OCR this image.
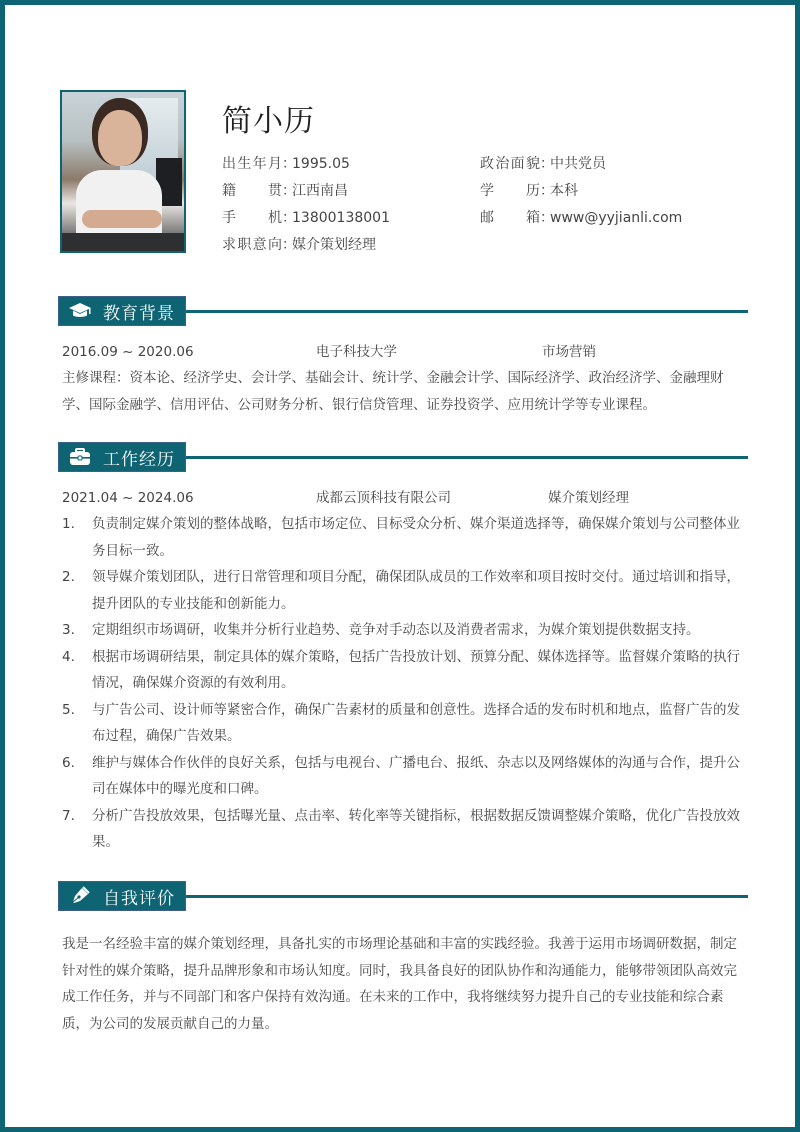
简小历
出生年月 ：
1995.05
籍贯 ：
江西南昌
手机 ：
13800138001
求职意向 ：
媒介策划经理
政治面貌 ：
中共党员
学历 ：
本科
邮箱 ：
www@yyjianli.com
教育背景
2016.09 ~ 2020.06	电子科技大学	市场营销
主修课程：资本论、经济学史、会计学、基础会计、统计学、金融会计学、国际经济学、政治经济学、金融理财学、国际金融学、信用评估、公司财务分析、银行信贷管理、证券投资学、应用统计学等专业课程。
工作经历
2021.04 ~ 2024.06	成都云顶科技有限公司	媒介策划经理
1.	负责制定媒介策划的整体战略，包括市场定位、目标受众分析、媒介渠道选择等，确保媒介策划与公司整体业务目标一致。
2.	领导媒介策划团队，进行日常管理和项目分配，确保团队成员的工作效率和项目按时交付。通过培训和指导，提升团队的专业技能和创新能力。
3.	定期组织市场调研，收集并分析行业趋势、竞争对手动态以及消费者需求，为媒介策划提供数据支持。
4.	根据市场调研结果，制定具体的媒介策略，包括广告投放计划、预算分配、媒体选择等。监督媒介策略的执行情况，确保媒介资源的有效利用。
5.	与广告公司、设计师等紧密合作，确保广告素材的质量和创意性。选择合适的发布时机和地点，监督广告的发布过程，确保广告效果。
6.	维护与媒体合作伙伴的良好关系，包括与电视台、广播电台、报纸、杂志以及网络媒体的沟通与合作，提升公司在媒体中的曝光度和口碑。
7.	分析广告投放效果，包括曝光量、点击率、转化率等关键指标，根据数据反馈调整媒介策略，优化广告投放效果。
自我评价
我是一名经验丰富的媒介策划经理，具备扎实的市场理论基础和丰富的实践经验。我善于运用市场调研数据，制定针对性的媒介策略，提升品牌形象和市场认知度。同时，我具备良好的团队协作和沟通能力，能够带领团队高效完成工作任务，并与不同部门和客户保持有效沟通。在未来的工作中，我将继续努力提升自己的专业技能和综合素质，为公司的发展贡献自己的力量。
